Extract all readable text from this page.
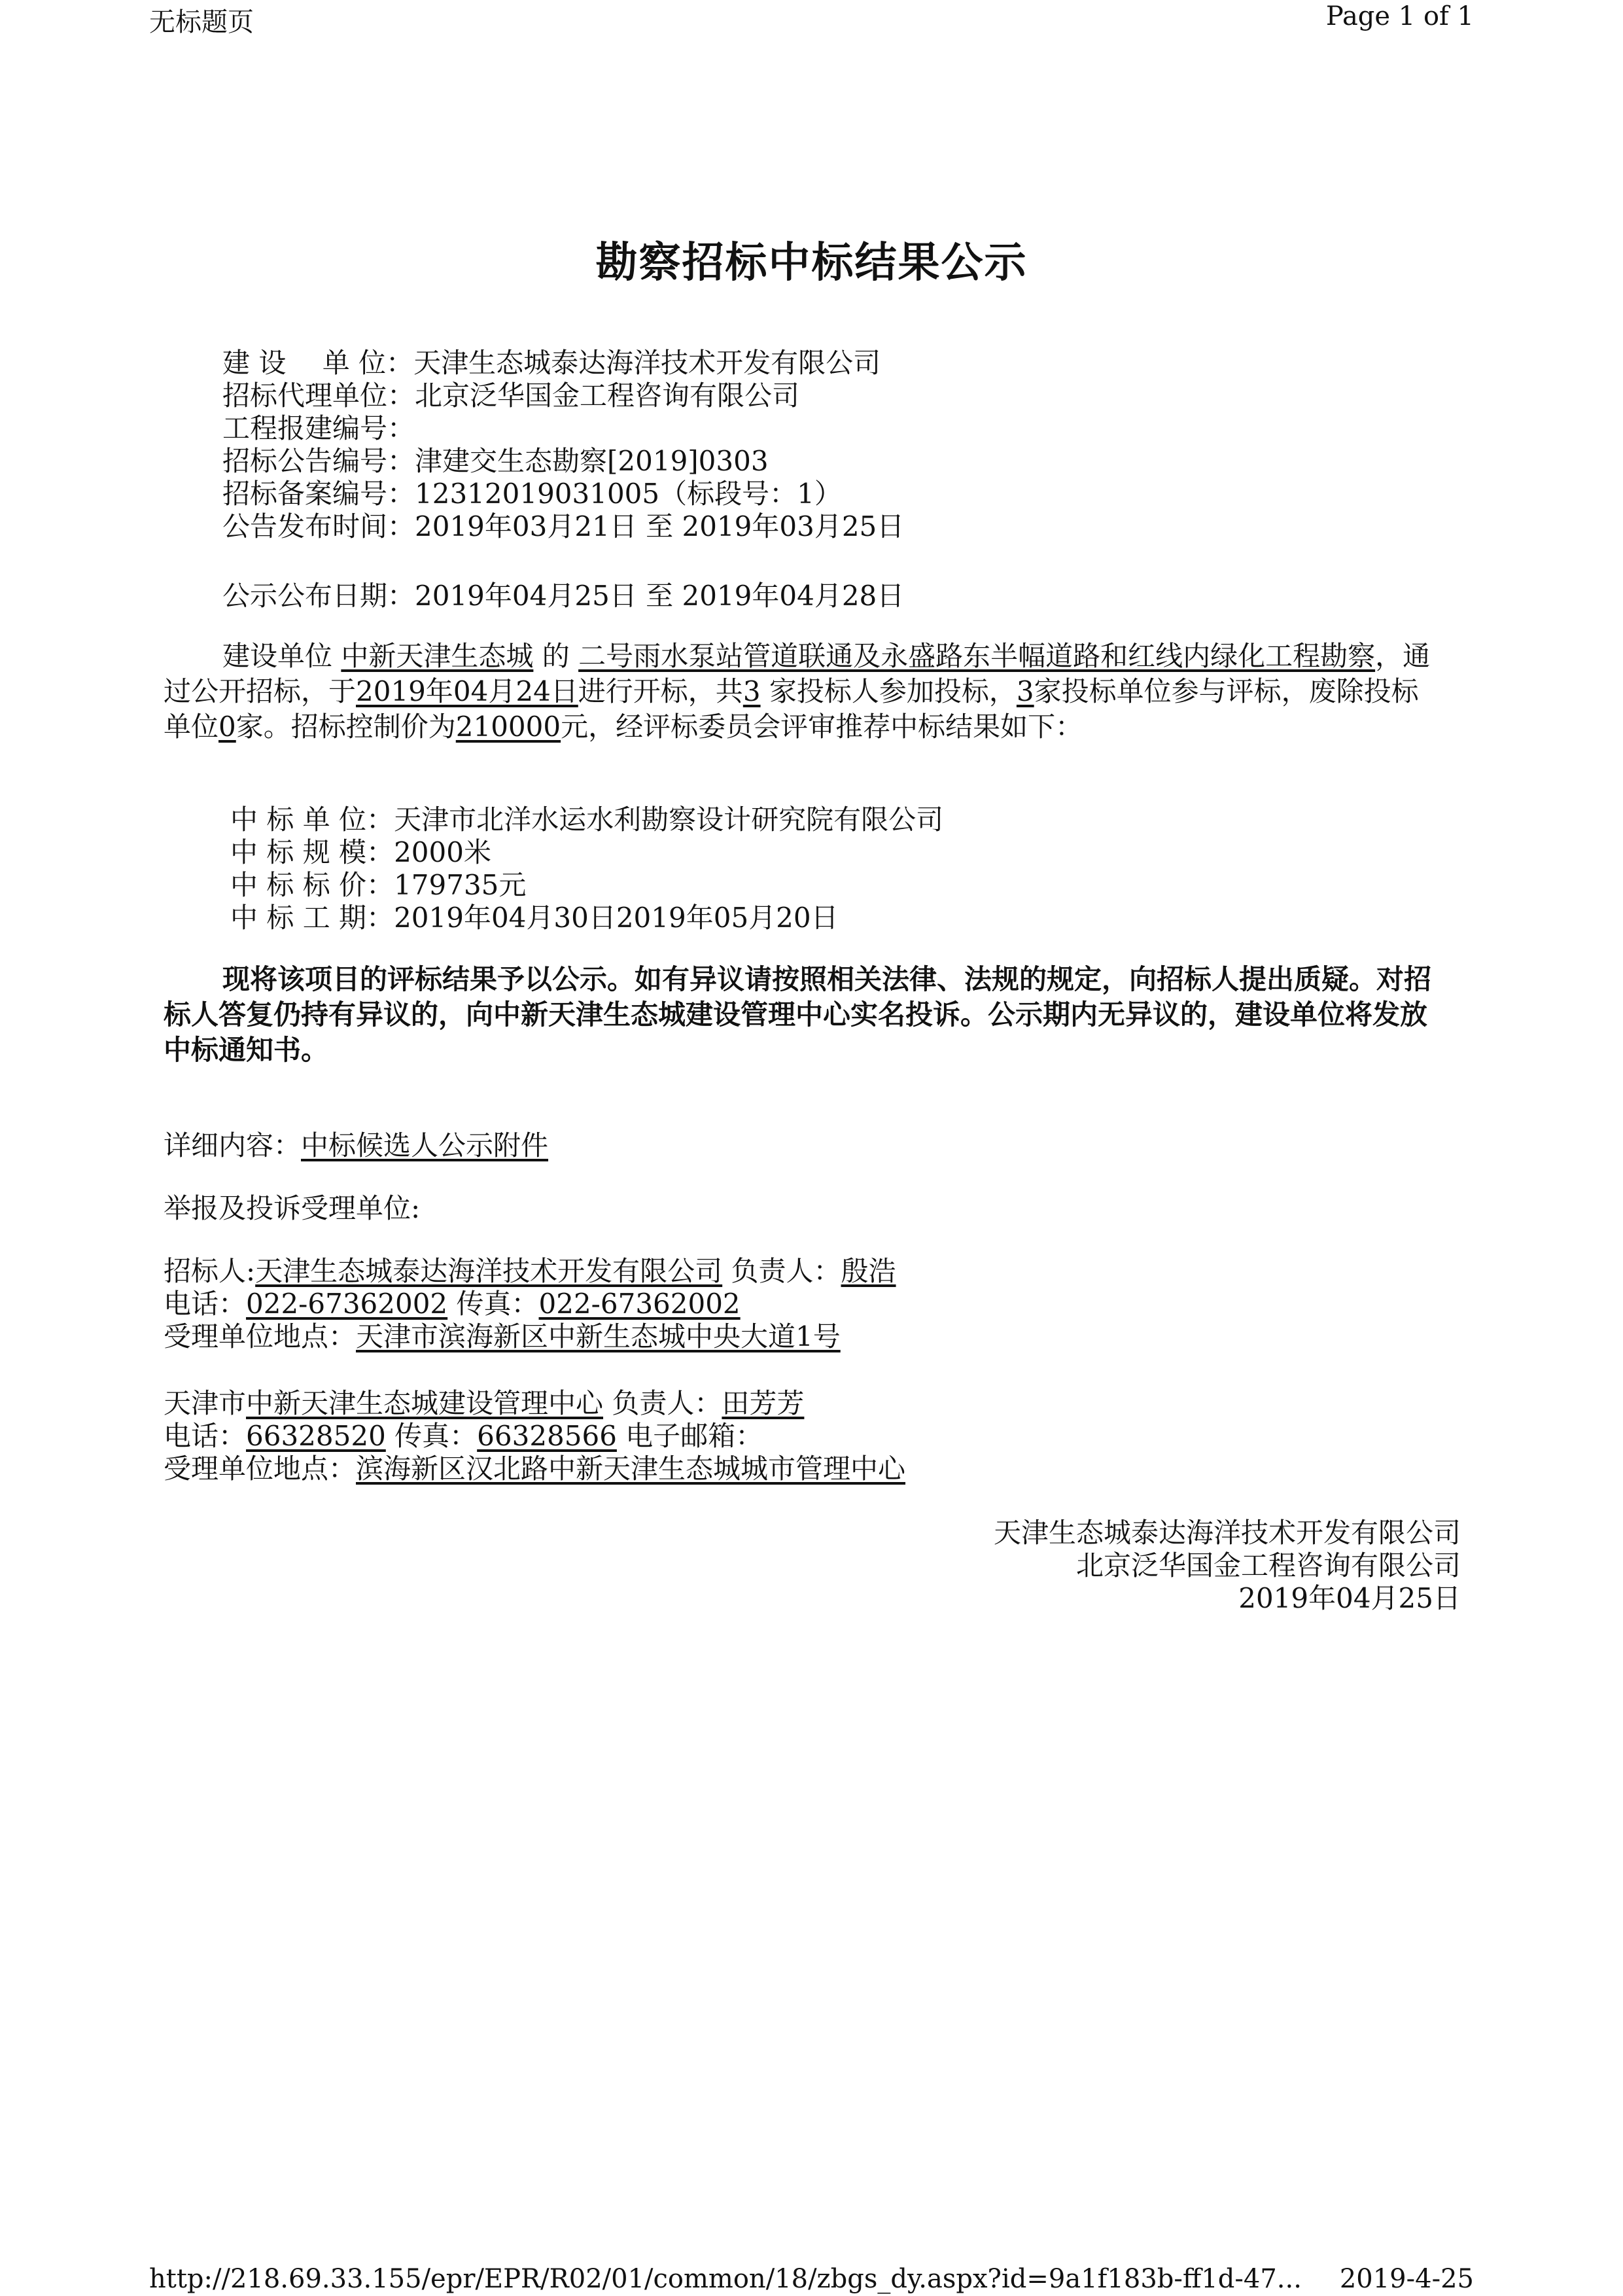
无标题页	Page 1 of 1
勘察招标中标结果公示
建 设　 单 位：天津生态城泰达海洋技术开发有限公司
招标代理单位：北京泛华国金工程咨询有限公司
工程报建编号：
招标公告编号：津建交生态勘察[2019]0303
招标备案编号：12312019031005（标段号：1）
公告发布时间：2019年03月21日 至 2019年03月25日
公示公布日期：2019年04月25日 至 2019年04月28日
建设单位 中新天津生态城 的 二号雨水泵站管道联通及永盛路东半幅道路和红线内绿化工程勘察，通过公开招标，于2019年04月24日进行开标，共3 家投标人参加投标，3家投标单位参与评标，废除投标单位0家。招标控制价为210000元，经评标委员会评审推荐中标结果如下：
中 标 单 位：天津市北洋水运水利勘察设计研究院有限公司
中 标 规 模：2000米
中 标 标 价：179735元
中 标 工 期：2019年04月30日2019年05月20日
现将该项目的评标结果予以公示。如有异议请按照相关法律、法规的规定，向招标人提出质疑。对招标人答复仍持有异议的，向中新天津生态城建设管理中心实名投诉。公示期内无异议的，建设单位将发放中标通知书。
详细内容：中标候选人公示附件
举报及投诉受理单位:
招标人:天津生态城泰达海洋技术开发有限公司 负责人：殷浩
电话：022-67362002 传真：022-67362002
受理单位地点：天津市滨海新区中新生态城中央大道1号
天津市中新天津生态城建设管理中心 负责人：田芳芳
电话：66328520 传真：66328566 电子邮箱：
受理单位地点：滨海新区汉北路中新天津生态城城市管理中心
天津生态城泰达海洋技术开发有限公司
北京泛华国金工程咨询有限公司
2019年04月25日
http://218.69.33.155/epr/EPR/R02/01/common/18/zbgs_dy.aspx?id=9a1f183b-ff1d-47... 2019-4-25
